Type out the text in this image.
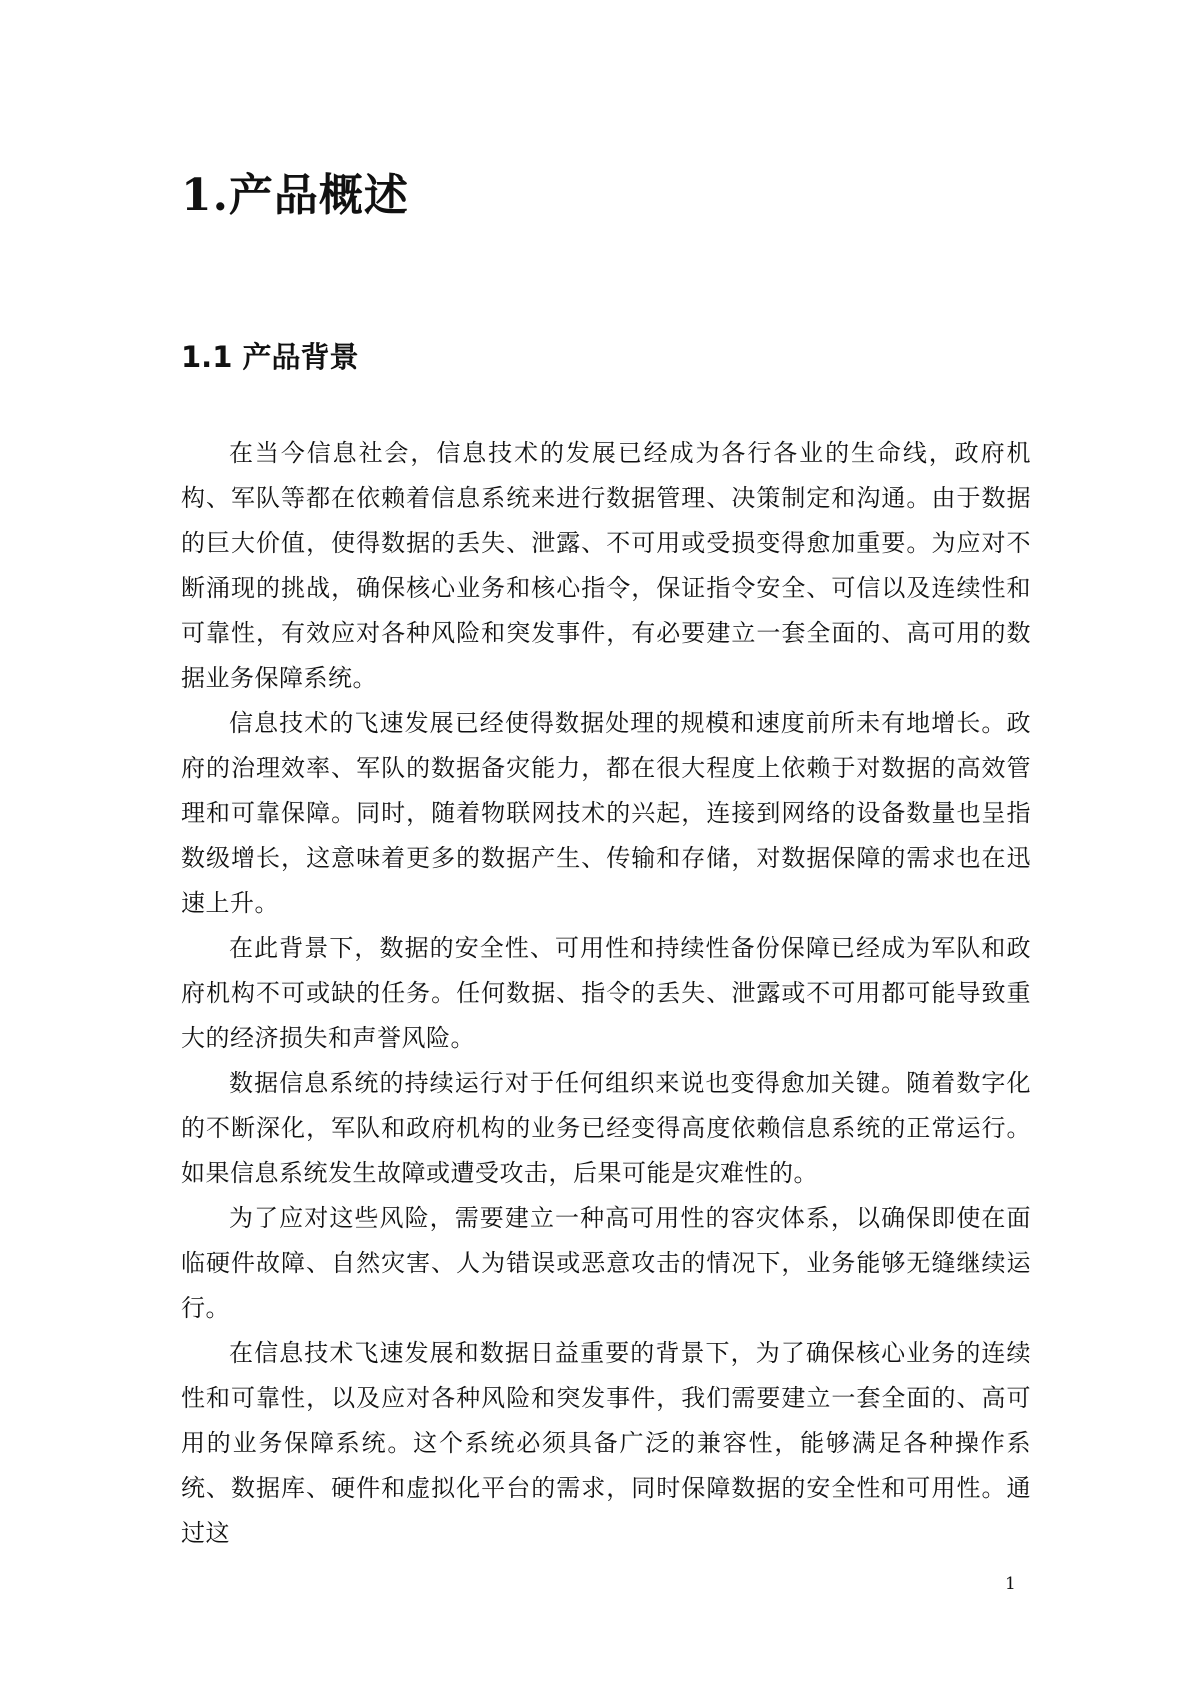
1.产品概述
1.1 产品背景

在当今信息社会，信息技术的发展已经成为各行各业的生命线，政府机构、军队等都在依赖着信息系统来进行数据管理、决策制定和沟通。由于数据的巨大价值，使得数据的丢失、泄露、不可用或受损变得愈加重要。为应对不断涌现的挑战，确保核心业务和核心指令，保证指令安全、可信以及连续性和可靠性，有效应对各种风险和突发事件，有必要建立一套全面的、高可用的数据业务保障系统。

信息技术的飞速发展已经使得数据处理的规模和速度前所未有地增长。政府的治理效率、军队的数据备灾能力，都在很大程度上依赖于对数据的高效管理和可靠保障。同时，随着物联网技术的兴起，连接到网络的设备数量也呈指数级增长，这意味着更多的数据产生、传输和存储，对数据保障的需求也在迅速上升。

在此背景下，数据的安全性、可用性和持续性备份保障已经成为军队和政府机构不可或缺的任务。任何数据、指令的丢失、泄露或不可用都可能导致重大的经济损失和声誉风险。

数据信息系统的持续运行对于任何组织来说也变得愈加关键。随着数字化的不断深化，军队和政府机构的业务已经变得高度依赖信息系统的正常运行。如果信息系统发生故障或遭受攻击，后果可能是灾难性的。

为了应对这些风险，需要建立一种高可用性的容灾体系，以确保即使在面临硬件故障、自然灾害、人为错误或恶意攻击的情况下，业务能够无缝继续运行。

在信息技术飞速发展和数据日益重要的背景下，为了确保核心业务的连续性和可靠性，以及应对各种风险和突发事件，我们需要建立一套全面的、高可用的业务保障系统。这个系统必须具备广泛的兼容性，能够满足各种操作系统、数据库、硬件和虚拟化平台的需求，同时保障数据的安全性和可用性。通过这

1
